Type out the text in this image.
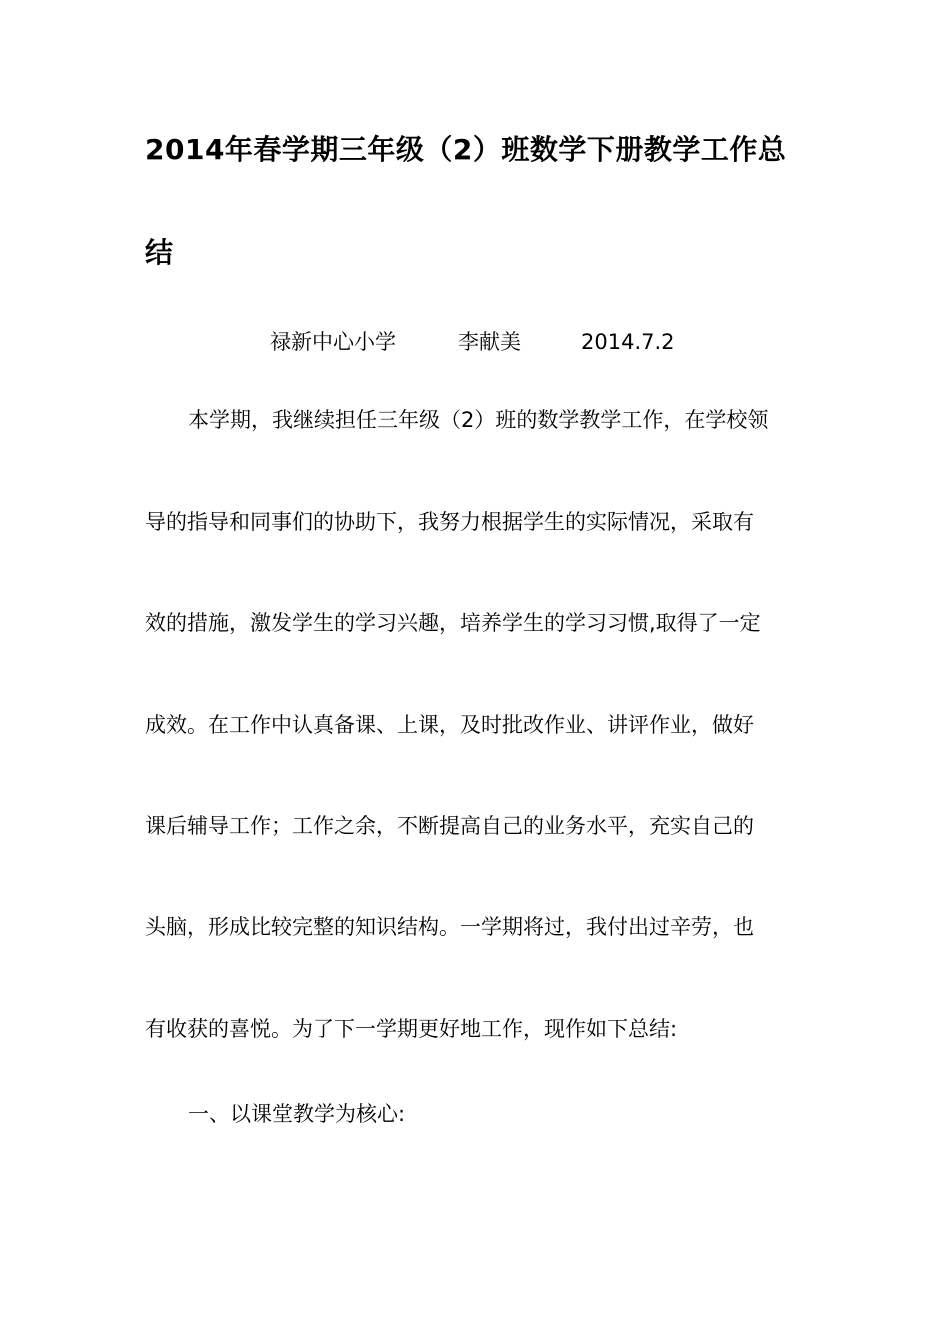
2014年春学期三年级（2）班数学下册教学工作总
结
禄新中心小学	李献美	2014.7.2
本学期，我继续担任三年级（2）班的数学教学工作，在学校领
导的指导和同事们的协助下，我努力根据学生的实际情况，采取有
效的措施，激发学生的学习兴趣，培养学生的学习习惯,取得了一定
成效。在工作中认真备课、上课，及时批改作业、讲评作业，做好
课后辅导工作；工作之余，不断提高自己的业务水平，充实自己的
头脑，形成比较完整的知识结构。一学期将过，我付出过辛劳，也
有收获的喜悦。为了下一学期更好地工作，现作如下总结:
一、以课堂教学为核心:
